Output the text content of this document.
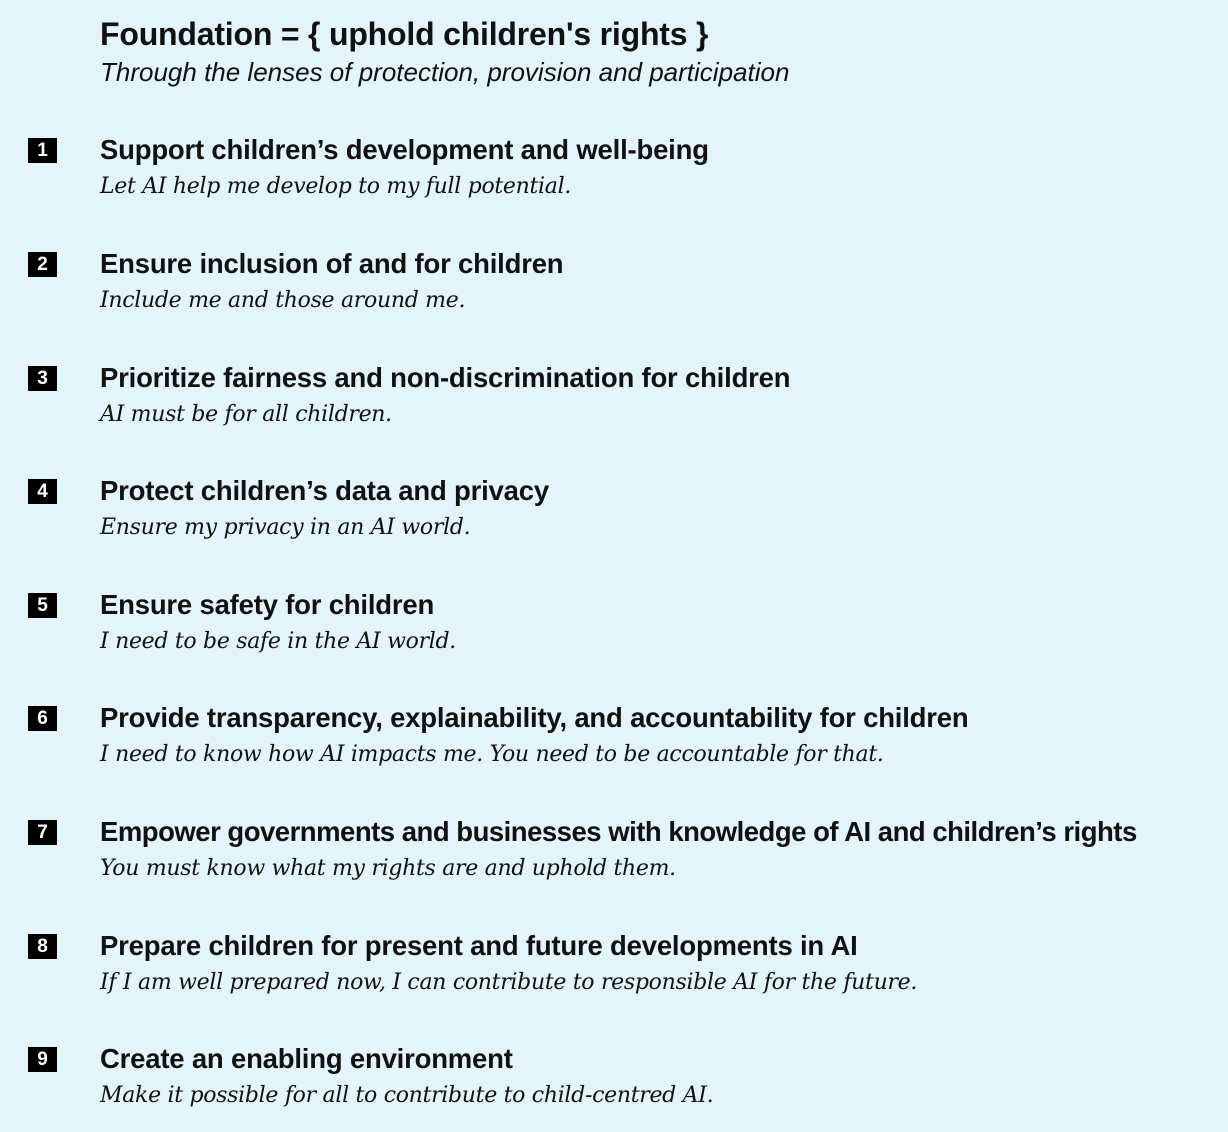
Foundation = { uphold children's rights }

Through the lenses of protection, provision and participation

1	Support children’s development and well-being
Let AI help me develop to my full potential.
2	Ensure inclusion of and for children
Include me and those around me.
3	Prioritize fairness and non-discrimination for children
AI must be for all children.
4	Protect children’s data and privacy
Ensure my privacy in an AI world.
5	Ensure safety for children
I need to be safe in the AI world.
6	Provide transparency, explainability, and accountability for children
I need to know how AI impacts me. You need to be accountable for that.
7	Empower governments and businesses with knowledge of AI and children’s rights
You must know what my rights are and uphold them.
8	Prepare children for present and future developments in AI
If I am well prepared now, I can contribute to responsible AI for the future.
9	Create an enabling environment
Make it possible for all to contribute to child-centred AI.
